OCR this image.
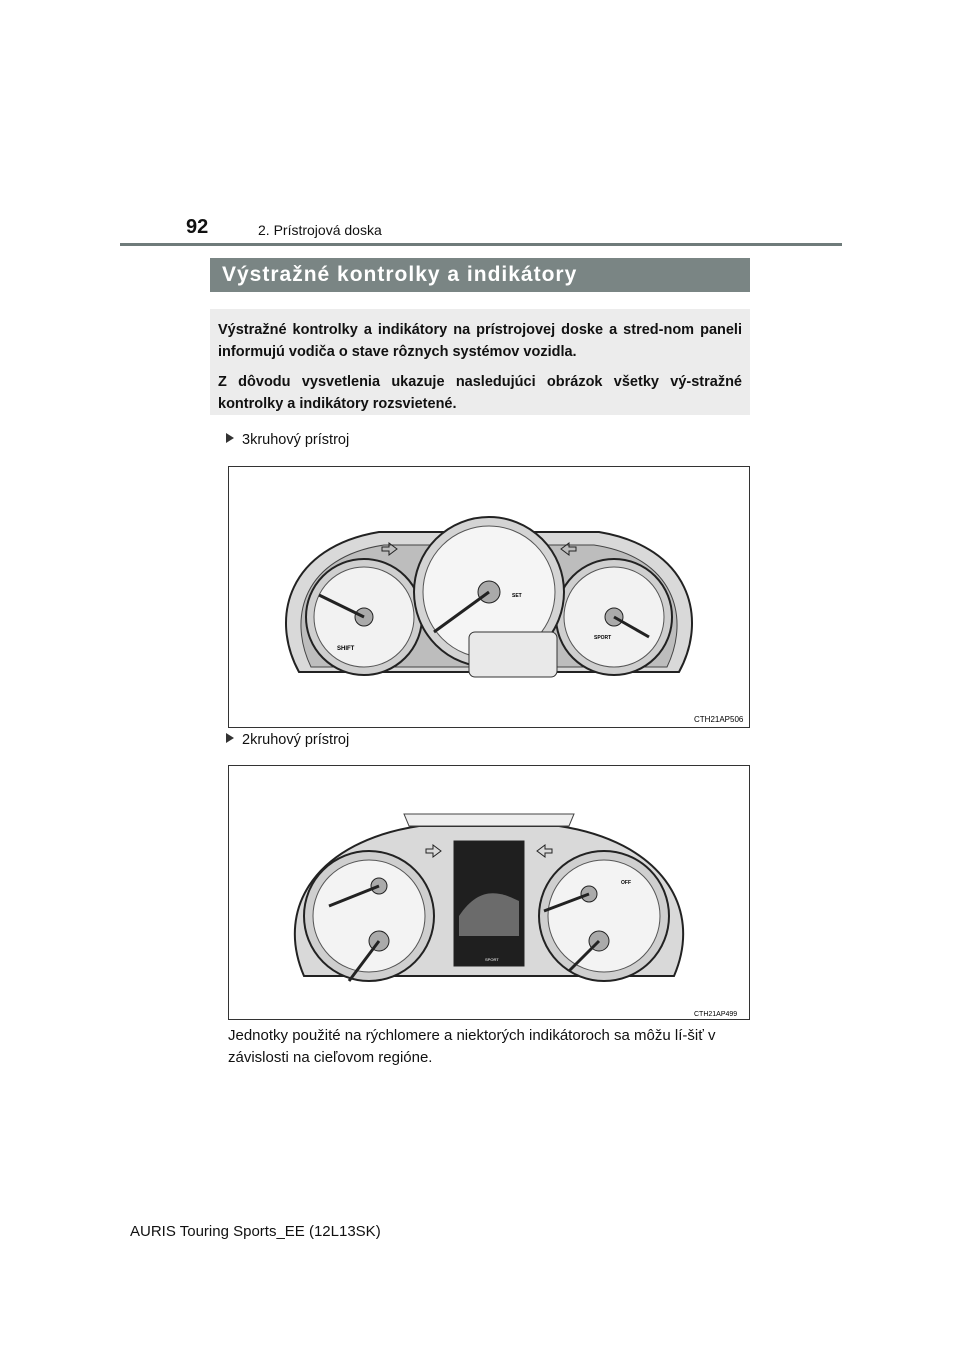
92	2. Prístrojová doska
Výstražné kontrolky a indikátory

Výstražné kontrolky a indikátory na prístrojovej doske a stred-nom paneli informujú vodiča o stave rôznych systémov vozidla.

Z dôvodu vysvetlenia ukazuje nasledujúci obrázok všetky vý-stražné kontrolky a indikátory rozsvietené.

3kruhový prístroj
SHIFT
SPORT
SET
CTH21AP506
2kruhový prístroj
OFF
SPORT
CTH21AP499
Jednotky použité na rýchlomere a niektorých indikátoroch sa môžu lí-šiť v závislosti na cieľovom regióne.
AURIS Touring Sports_EE (12L13SK)
